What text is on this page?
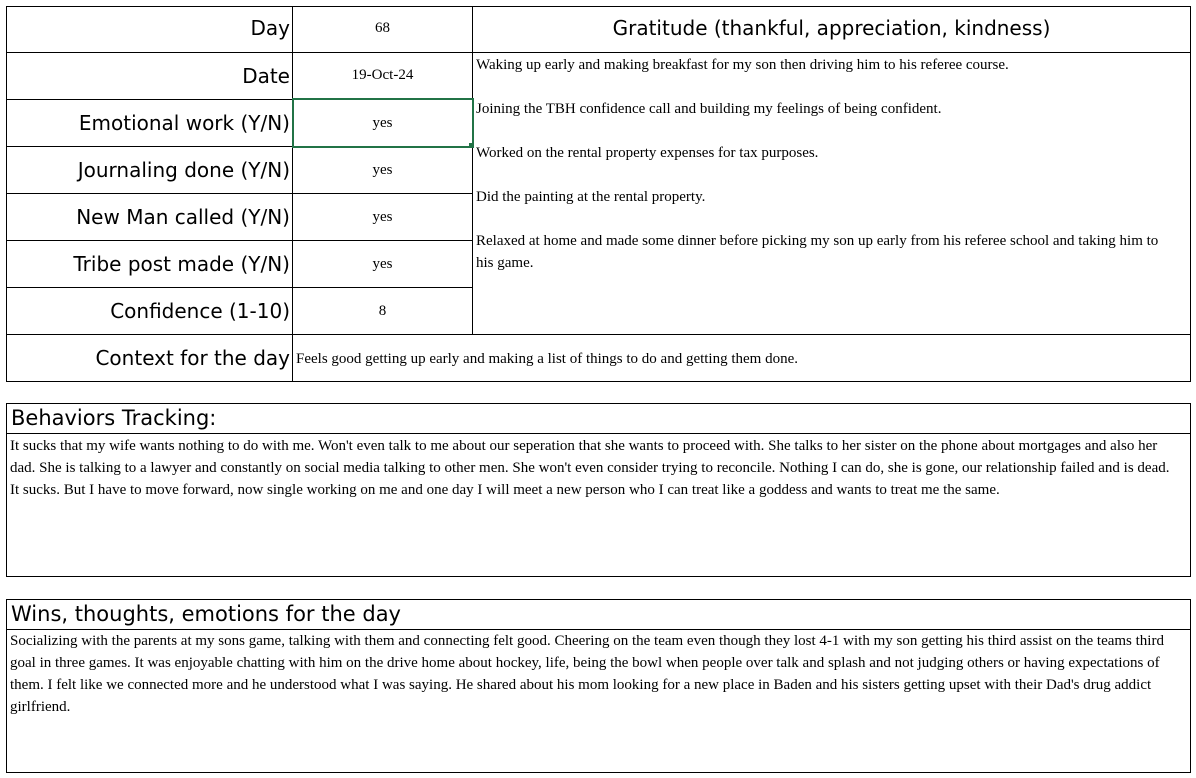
Day
Date
Emotional work (Y/N)
Journaling done (Y/N)
New Man called (Y/N)
Tribe post made (Y/N)
Confidence (1-10)
Context for the day
68
19-Oct-24
yes
yes
yes
yes
8
Feels good getting up early and making a list of things to do and getting them done.
Gratitude (thankful, appreciation, kindness)
Waking up early and making breakfast for my son then driving him to his referee course.
Joining the TBH confidence call and building my feelings of being confident.
Worked on the rental property expenses for tax purposes.
Did the painting at the rental property.
Relaxed at home and made some dinner before picking my son up early from his referee school and taking him to his game.
Behaviors Tracking:
It sucks that my wife wants nothing to do with me. Won't even talk to me about our seperation that she wants to proceed with. She talks to her sister on the phone about mortgages and also her dad. She is talking to a lawyer and constantly on social media talking to other men. She won't even consider trying to reconcile. Nothing I can do, she is gone, our relationship failed and is dead. It sucks. But I have to move forward, now single working on me and one day I will meet a new person who I can treat like a goddess and wants to treat me the same.
Wins, thoughts, emotions for the day
Socializing with the parents at my sons game, talking with them and connecting felt good. Cheering on the team even though they lost 4-1 with my son getting his third assist on the teams third goal in three games. It was enjoyable chatting with him on the drive home about hockey, life, being the bowl when people over talk and splash and not judging others or having expectations of them. I felt like we connected more and he understood what I was saying. He shared about his mom looking for a new place in Baden and his sisters getting upset with their Dad's drug addict girlfriend.
